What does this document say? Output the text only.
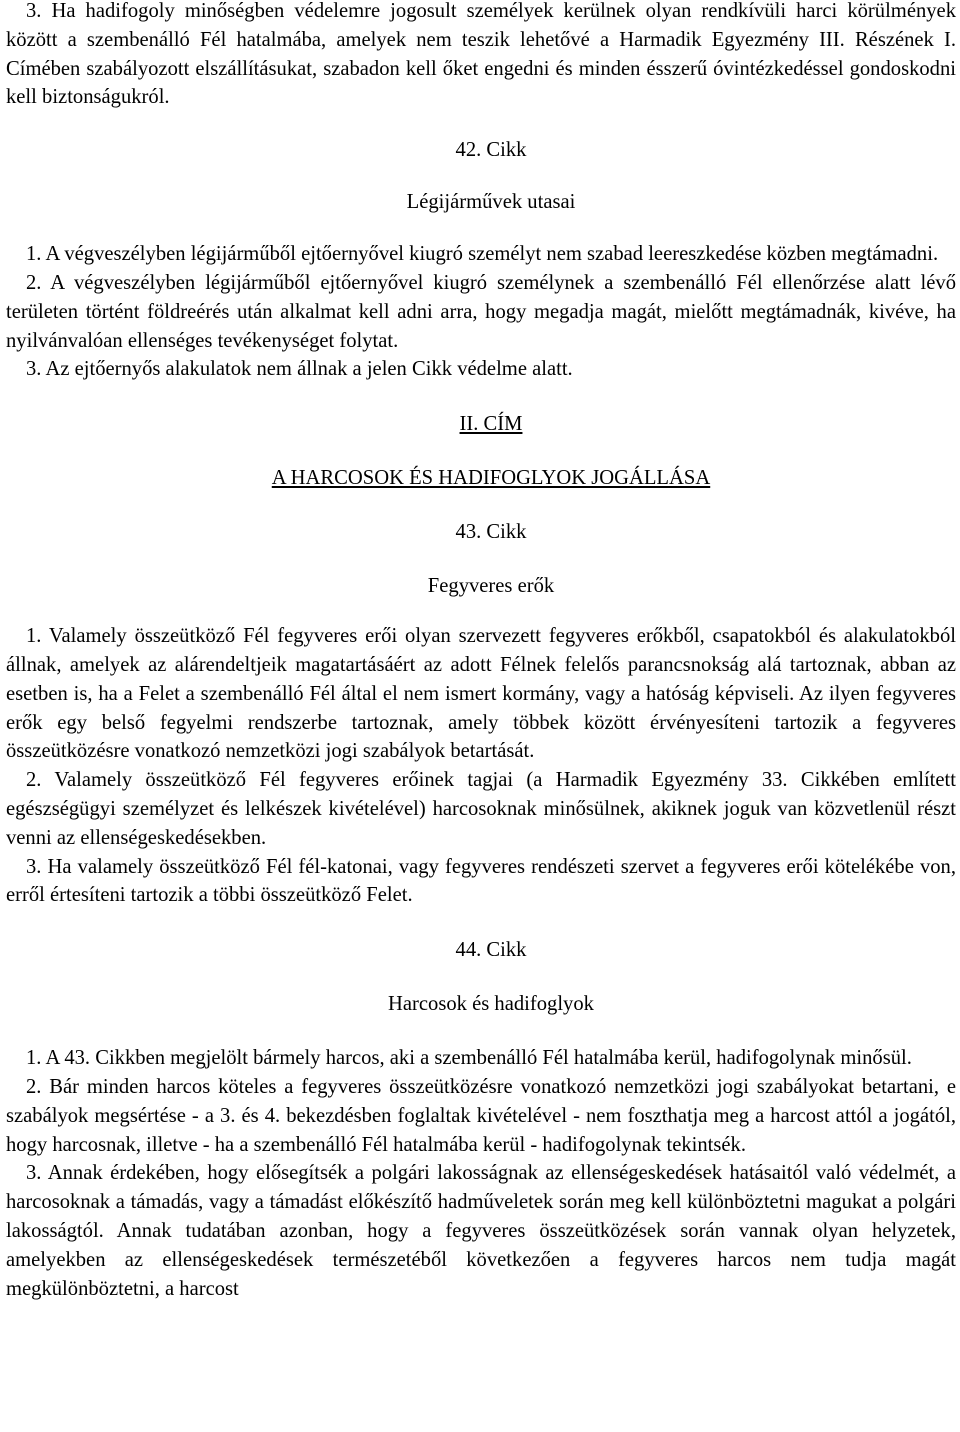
3. Ha hadifogoly minőségben védelemre jogosult személyek kerülnek olyan rendkívüli harci körülmények között a szembenálló Fél hatalmába, amelyek nem teszik lehetővé a Harmadik Egyezmény III. Részének I. Címében szabályozott elszállításukat, szabadon kell őket engedni és minden ésszerű óvintézkedéssel gondoskodni kell biztonságukról.

42. Cikk

Légijárművek utasai

1. A végveszélyben légijárműből ejtőernyővel kiugró személyt nem szabad leereszkedése közben megtámadni.

2. A végveszélyben légijárműből ejtőernyővel kiugró személynek a szembenálló Fél ellenőrzése alatt lévő területen történt földreérés után alkalmat kell adni arra, hogy megadja magát, mielőtt megtámadnák, kivéve, ha nyilvánvalóan ellenséges tevékenységet folytat.

3. Az ejtőernyős alakulatok nem állnak a jelen Cikk védelme alatt.

II. CÍM

A HARCOSOK ÉS HADIFOGLYOK JOGÁLLÁSA

43. Cikk

Fegyveres erők

1. Valamely összeütköző Fél fegyveres erői olyan szervezett fegyveres erőkből, csapatokból és alakulatokból állnak, amelyek az alárendeltjeik magatartásáért az adott Félnek felelős parancsnokság alá tartoznak, abban az esetben is, ha a Felet a szembenálló Fél által el nem ismert kormány, vagy a hatóság képviseli. Az ilyen fegyveres erők egy belső fegyelmi rendszerbe tartoznak, amely többek között érvényesíteni tartozik a fegyveres összeütközésre vonatkozó nemzetközi jogi szabályok betartását.

2. Valamely összeütköző Fél fegyveres erőinek tagjai (a Harmadik Egyezmény 33. Cikkében említett egészségügyi személyzet és lelkészek kivételével) harcosoknak minősülnek, akiknek joguk van közvetlenül részt venni az ellenségeskedésekben.

3. Ha valamely összeütköző Fél fél-katonai, vagy fegyveres rendészeti szervet a fegyveres erői kötelékébe von, erről értesíteni tartozik a többi összeütköző Felet.

44. Cikk

Harcosok és hadifoglyok

1. A 43. Cikkben megjelölt bármely harcos, aki a szembenálló Fél hatalmába kerül, hadifogolynak minősül.

2. Bár minden harcos köteles a fegyveres összeütközésre vonatkozó nemzetközi jogi szabályokat betartani, e szabályok megsértése - a 3. és 4. bekezdésben foglaltak kivételével - nem foszthatja meg a harcost attól a jogától, hogy harcosnak, illetve - ha a szembenálló Fél hatalmába kerül - hadifogolynak tekintsék.

3. Annak érdekében, hogy elősegítsék a polgári lakosságnak az ellenségeskedések hatásaitól való védelmét, a harcosoknak a támadás, vagy a támadást előkészítő hadműveletek során meg kell különböztetni magukat a polgári lakosságtól. Annak tudatában azonban, hogy a fegyveres összeütközések során vannak olyan helyzetek, amelyekben az ellenségeskedések természetéből következően a fegyveres harcos nem tudja magát megkülönböztetni, a harcost
